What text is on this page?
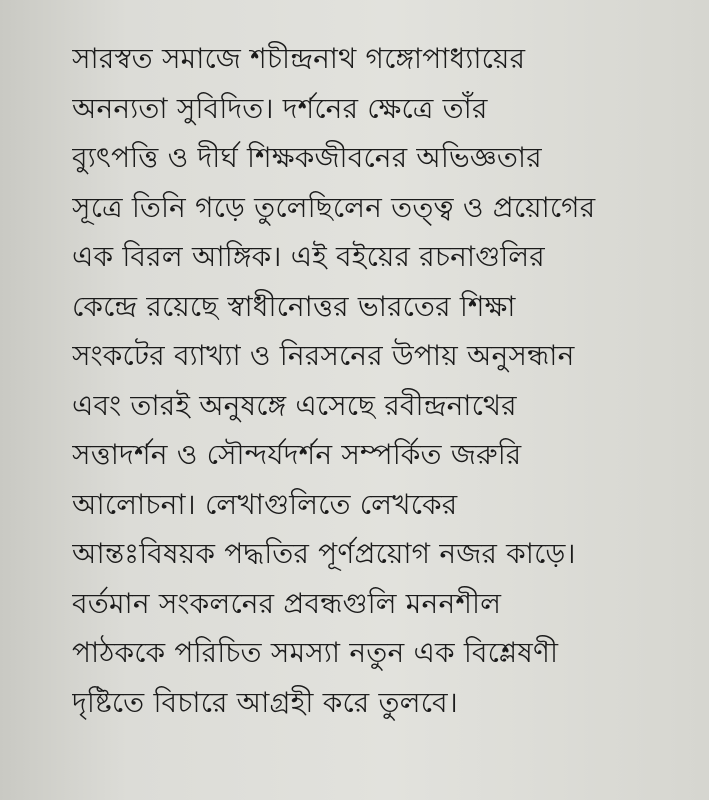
সারস্বত সমাজে শচীন্দ্রনাথ গঙ্গোপাধ্যায়ের
অনন্যতা সুবিদিত। দর্শনের ক্ষেত্রে তাঁর
ব্যুৎপত্তি ও দীর্ঘ শিক্ষকজীবনের অভিজ্ঞতার
সূত্রে তিনি গড়ে তুলেছিলেন তত্ত্ব ও প্রয়োগের
এক বিরল আঙ্গিক। এই বইয়ের রচনাগুলির
কেন্দ্রে রয়েছে স্বাধীনোত্তর ভারতের শিক্ষা
সংকটের ব্যাখ্যা ও নিরসনের উপায় অনুসন্ধান
এবং তারই অনুষঙ্গে এসেছে রবীন্দ্রনাথের
সত্তাদর্শন ও সৌন্দর্যদর্শন সম্পর্কিত জরুরি
আলোচনা। লেখাগুলিতে লেখকের
আন্তঃবিষয়ক পদ্ধতির পূর্ণপ্রয়োগ নজর কাড়ে।
বর্তমান সংকলনের প্রবন্ধগুলি মননশীল
পাঠককে পরিচিত সমস্যা নতুন এক বিশ্লেষণী
দৃষ্টিতে বিচারে আগ্রহী করে তুলবে।
